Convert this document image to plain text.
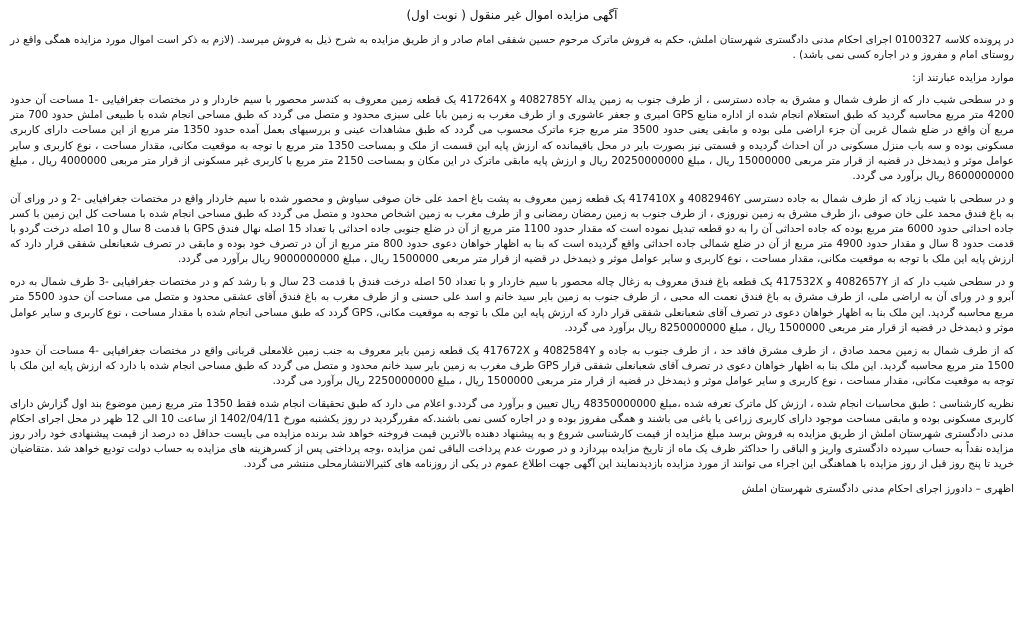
آگهی مزایده اموال غیر منقول ( نوبت اول)
در پرونده کلاسه 0100327 اجرای احکام مدنی دادگستری شهرستان املش، حکم به فروش ماترک مرحوم حسین شفقی امام صادر و از طریق مزایده به شرح ذیل به فروش میرسد. (لازم به ذکر است اموال مورد مزایده همگی واقع در روستای امام و مفروز و در اجاره کسی نمی باشد) .
موارد مزایده عبارتند از:
و در سطحی شیب دار که از طرف شمال و مشرق به جاده دسترسی ، از طرف جنوب به زمین یداله 4082785Y و 417264X یک قطعه زمین معروف به کندسر محصور با سیم خاردار و در مختصات جغرافیایی -1 مساحت آن حدود 4200 متر مربع محاسبه گردید که طبق استعلام انجام شده از اداره منابع GPS امیری و جعفر عاشوری و از طرف مغرب به زمین بابا علی سبزی محدود و متصل می گردد که طبق مساحی انجام شده با طبیعی املش حدود 700 متر مربع آن واقع در ضلع شمال غربی آن جزء اراضی ملی بوده و مابقی یعنی حدود 3500 متر مربع جزء ماترک محسوب می گردد که طبق مشاهدات عینی و بررسیهای بعمل آمده حدود 1350 متر مربع از این مساحت دارای کاربری مسکونی بوده و سه باب منزل مسکونی در آن احداث گردیده و قسمتی نیز بصورت بایر در محل باقیمانده که ارزش پایه این قسمت از ملک و بمساحت 1350 متر مربع با توجه به موقعیت مکانی، مقدار مساحت ، نوع کاربری و سایر عوامل موثر و ذیمدخل در قضیه از قرار متر مربعی 15000000 ریال ، مبلغ 20250000000 ریال و ارزش پایه مابقی ماترک در این مکان و بمساحت 2150 متر مربع با کاربری غیر مسکونی از قرار متر مربعی 4000000 ریال ، مبلغ 8600000000 ریال برآورد می گردد.
و در سطحی با شیب زیاد که از طرف شمال به جاده دسترسی 4082946Y و 417410X یک قطعه زمین معروف به پشت باغ احمد علی خان صوفی سیاوش و محصور شده با سیم خاردار واقع در مختصات جغرافیایی -2 و در ورای آن به باغ فندق محمد علی خان صوفی ،از طرف مشرق به زمین نوروزی ، از طرف جنوب به زمین رمضان رمضانی و از طرف مغرب به زمین اشخاص محدود و متصل می گردد که طبق مساحی انجام شده با مساحت کل این زمین با کسر جاده احداثی حدود 6000 متر مربع بوده که جاده احداثی آن را به دو قطعه تبدیل نموده است که مقدار حدود 1100 متر مربع از آن در ضلع جنوبی جاده احداثی با تعداد 15 اصله نهال فندق GPS با قدمت 8 سال و 10 اصله درخت گردو با قدمت حدود 8 سال و مقدار حدود 4900 متر مربع از آن در ضلع شمالی جاده احداثی واقع گردیده است که بنا به اظهار خواهان دعوی حدود 800 متر مربع از آن در تصرف خود بوده و مابقی در تصرف شعبانعلی شفقی قرار دارد که ارزش پایه این ملک با توجه به موقعیت مکانی، مقدار مساحت ، نوع کاربری و سایر عوامل موثر و ذیمدخل در قضیه از قرار متر مربعی 1500000 ریال ، مبلغ 9000000000 ریال برآورد می گردد.
و در سطحی شیب دار که از 4082657Y و 417532X یک قطعه باغ فندق معروف به زغال چاله محصور با سیم خاردار و با تعداد 50 اصله درخت فندق با قدمت 23 سال و با رشد کم و در مختصات جغرافیایی -3 طرف شمال به دره آبرو و در ورای آن به اراضی ملی، از طرف مشرق به باغ فندق نعمت اله محبی ، از طرف جنوب به زمین بایر سید خانم و اسد علی حسنی و از طرف مغرب به باغ فندق آقای عشقی محدود و متصل می مساحت آن حدود 5500 متر مربع محاسبه گردید. این ملک بنا به اظهار خواهان دعوی در تصرف آقای شعبانعلی شفقی قرار دارد که ارزش پایه این ملک با توجه به موقعیت مکانی، GPS گردد که طبق مساحی انجام شده با مقدار مساحت ، نوع کاربری و سایر عوامل موثر و ذیمدخل در قضیه از قرار متر مربعی 1500000 ریال ، مبلغ 8250000000 ریال برآورد می گردد.
که از طرف شمال به زمین محمد صادق ، از طرف مشرق فاقد حد ، از طرف جنوب به جاده و 4082584Y و 417672X یک قطعه زمین بایر معروف به جنب زمین غلامعلی قربانی واقع در مختصات جغرافیایی -4 مساحت آن حدود 1500 متر مربع محاسبه گردید. این ملک بنا به اظهار خواهان دعوی در تصرف آقای شعبانعلی شفقی قرار GPS طرف مغرب به زمین بایر سید خانم محدود و متصل می گردد که طبق مساحی انجام شده با دارد که ارزش پایه این ملک با توجه به موقعیت مکانی، مقدار مساحت ، نوع کاربری و سایر عوامل موثر و ذیمدخل در قضیه از قرار متر مربعی 1500000 ریال ، مبلغ 2250000000 ریال برآورد می گردد.
نظریه کارشناسی : طبق محاسبات انجام شده ، ارزش کل ماترک تعرفه شده ،مبلغ 48350000000 ریال تعیین و برآورد می گردد.و اعلام می دارد که طبق تحقیقات انجام شده فقط 1350 متر مربع زمین موضوع بند اول گزارش دارای کاربری مسکونی بوده و مابقی مساحت موجود دارای کاربری زراعی یا باغی می باشند و همگی مفروز بوده و در اجاره کسی نمی باشند.که مقررگردید در روز یکشنبه مورخ 1402/04/11 از ساعت 10 الی 12 ظهر در محل اجرای احکام مدنی دادگستری شهرستان املش از طریق مزایده به فروش برسد مبلغ مزایده از قیمت کارشناسی شروع و به پیشنهاد دهنده بالاترین قیمت فروخته خواهد شد برنده مزایده می بایست حداقل ده درصد از قیمت پیشنهادی خود رادر روز مزایده نقداً به حساب سپرده دادگستری واریز و الباقی را حداکثر ظرف یک ماه از تاریخ مزایده بپردازد و در صورت عدم پرداخت الباقی ثمن مزایده ،وجه پرداختی پس از کسرهزینه های مزایده به حساب دولت تودیع خواهد شد .متقاضیان خرید تا پنج روز قبل از روز مزایده با هماهنگی این اجراء می توانند از مورد مزایده بازدیدنمایند این آگهی جهت اطلاع عموم در یکی از روزنامه های کثیرالانتشارمحلی منتشر می گردد.
اظهری – دادورز اجرای احکام مدنی دادگستری شهرستان املش
